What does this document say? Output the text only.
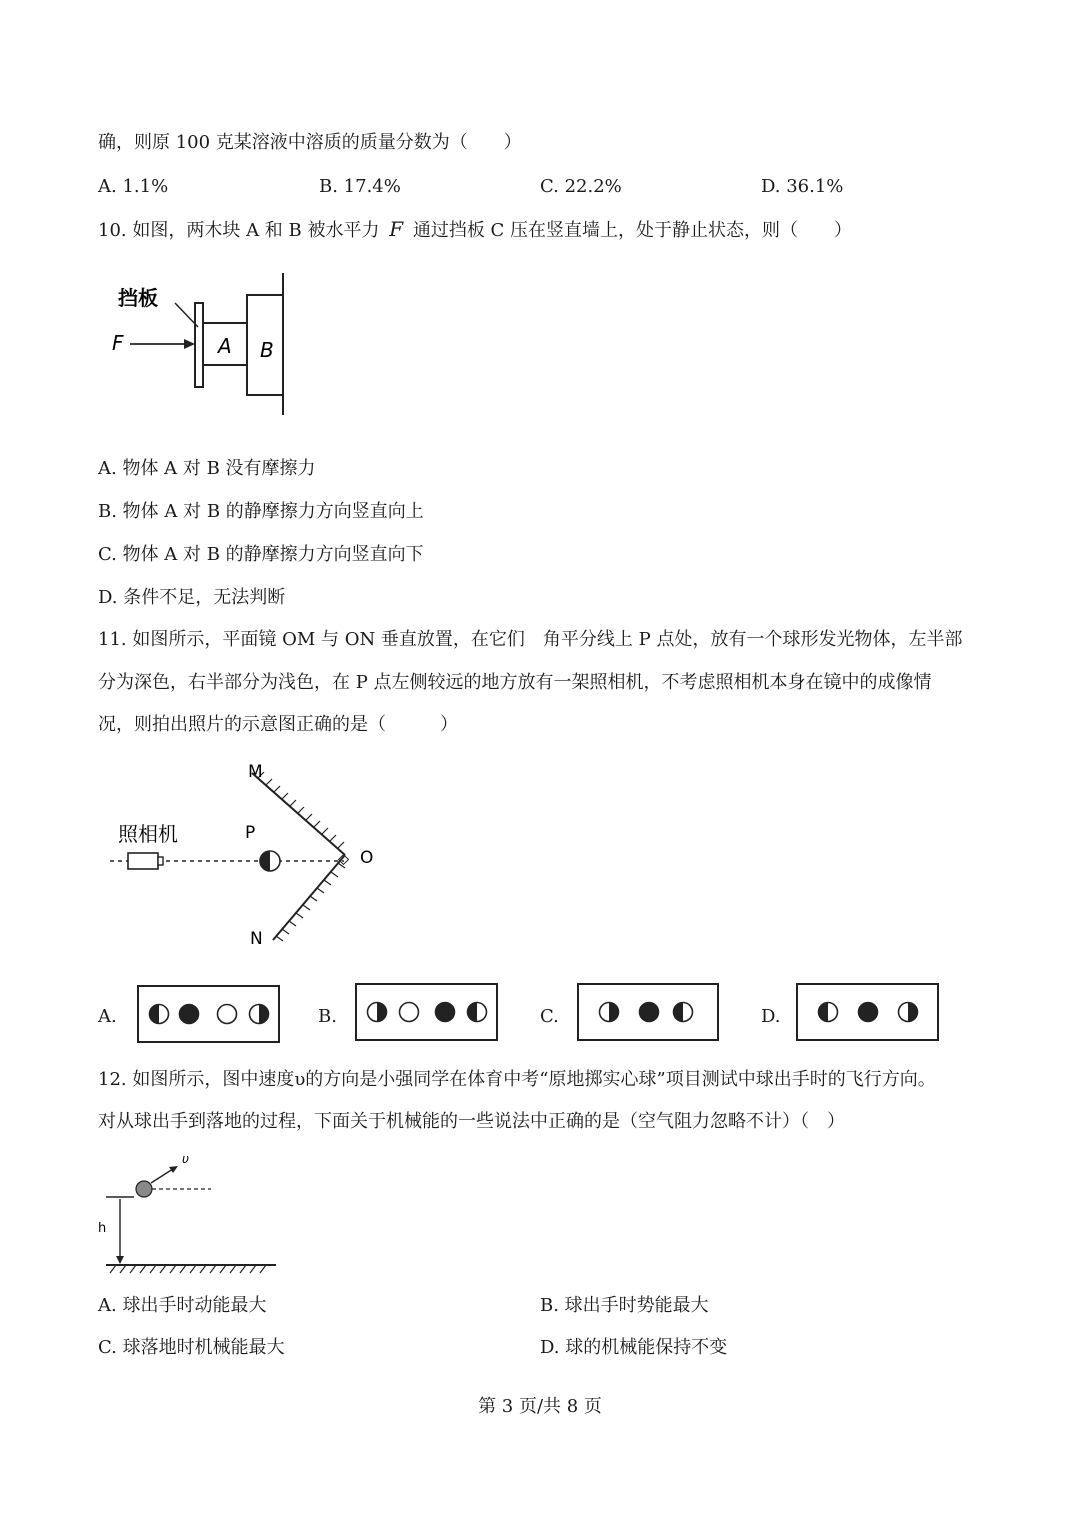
确，则原 100 克某溶液中溶质的质量分数为（　　）
A. 1.1%	B. 17.4%	C. 22.2%	D. 36.1%
10. 如图，两木块 A 和 B 被水平力 F 通过挡板 C 压在竖直墙上，处于静止状态，则（　　）
挡板
F	A B
A. 物体 A 对 B 没有摩擦力
B. 物体 A 对 B 的静摩擦力方向竖直向上
C. 物体 A 对 B 的静摩擦力方向竖直向下
D. 条件不足，无法判断
11. 如图所示，平面镜 OM 与 ON 垂直放置，在它们　角平分线上 P 点处，放有一个球形发光物体，左半部
分为深色，右半部分为浅色，在 P 点左侧较远的地方放有一架照相机，不考虑照相机本身在镜中的成像情
况，则拍出照片的示意图正确的是（　　　）
照相机	P
M
N
O
A.	B.	C.	D.
12. 如图所示，图中速度υ的方向是小强同学在体育中考“原地掷实心球”项目测试中球出手时的飞行方向。
对从球出手到落地的过程，下面关于机械能的一些说法中正确的是（空气阻力忽略不计）（　）
υ
h
A. 球出手时动能最大	B. 球出手时势能最大
C. 球落地时机械能最大	D. 球的机械能保持不变
第 3 页/共 8 页
